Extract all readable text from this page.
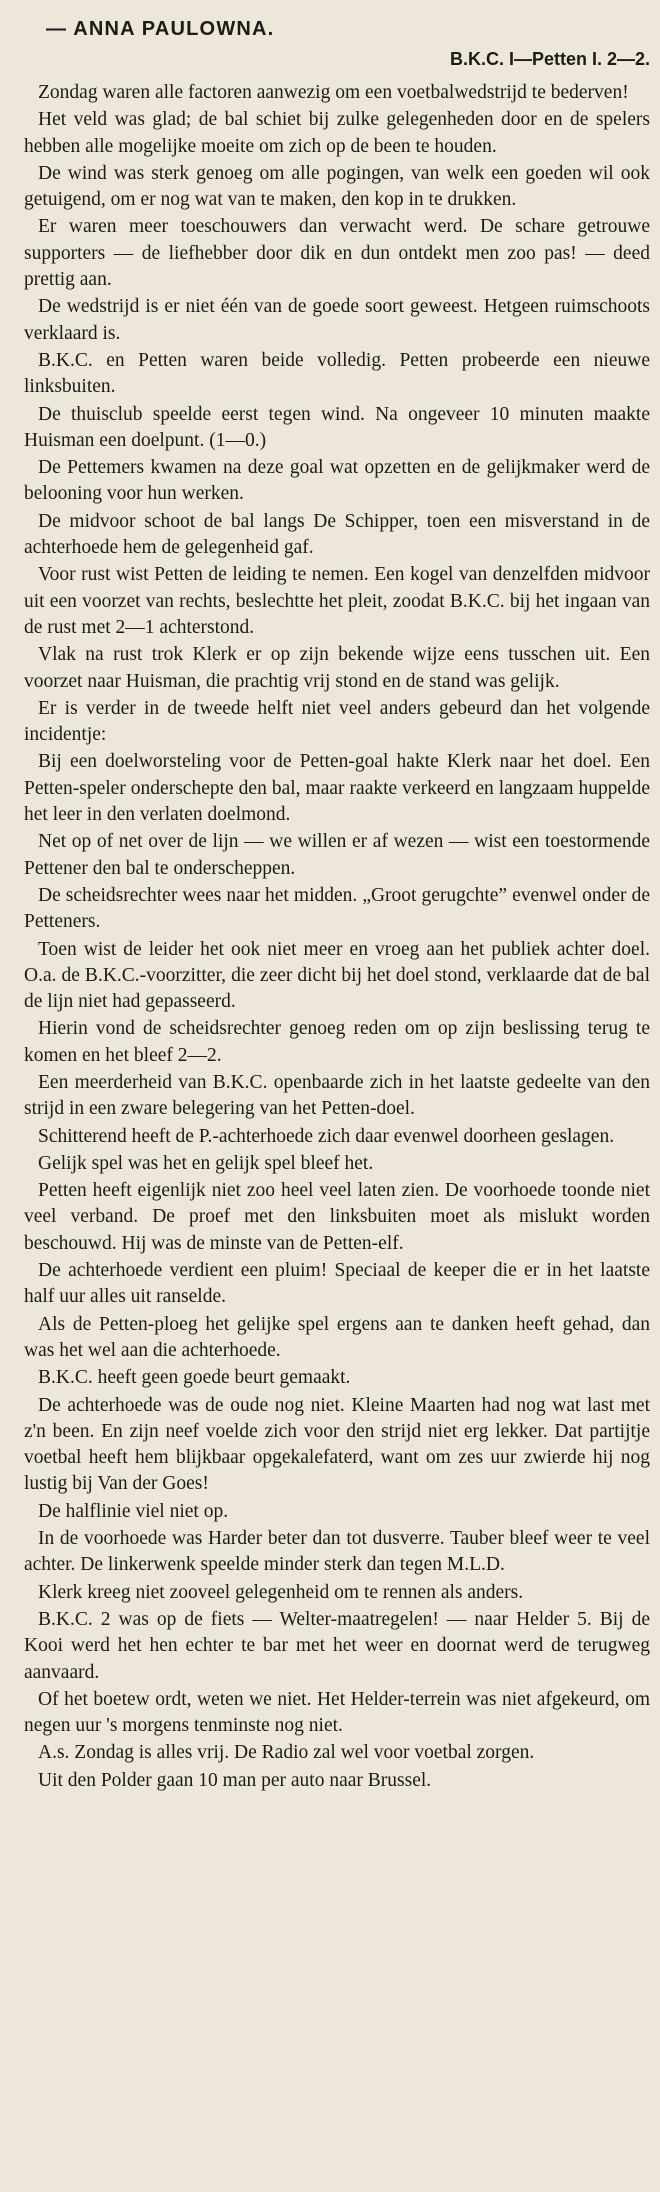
— ANNA PAULOWNA.
B.K.C. I—Petten I. 2—2.

Zondag waren alle factoren aanwezig om een voetbalwedstrijd te bederven!

Het veld was glad; de bal schiet bij zulke gelegenheden door en de spelers hebben alle mogelijke moeite om zich op de been te houden.

De wind was sterk genoeg om alle pogingen, van welk een goeden wil ook getuigend, om er nog wat van te maken, den kop in te drukken.

Er waren meer toeschouwers dan verwacht werd. De schare getrouwe supporters — de liefhebber door dik en dun ontdekt men zoo pas! — deed prettig aan.

De wedstrijd is er niet één van de goede soort geweest. Hetgeen ruimschoots verklaard is.

B.K.C. en Petten waren beide volledig. Petten probeerde een nieuwe linksbuiten.

De thuisclub speelde eerst tegen wind. Na ongeveer 10 minuten maakte Huisman een doelpunt. (1—0.)

De Pettemers kwamen na deze goal wat opzetten en de gelijkmaker werd de belooning voor hun werken.

De midvoor schoot de bal langs De Schipper, toen een misverstand in de achterhoede hem de gelegenheid gaf.

Voor rust wist Petten de leiding te nemen. Een kogel van denzelfden midvoor uit een voorzet van rechts, beslechtte het pleit, zoodat B.K.C. bij het ingaan van de rust met 2—1 achterstond.

Vlak na rust trok Klerk er op zijn bekende wijze eens tusschen uit. Een voorzet naar Huisman, die prachtig vrij stond en de stand was gelijk.

Er is verder in de tweede helft niet veel anders gebeurd dan het volgende incidentje:

Bij een doelworsteling voor de Petten-goal hakte Klerk naar het doel. Een Petten-speler onderschepte den bal, maar raakte verkeerd en langzaam huppelde het leer in den verlaten doelmond.

Net op of net over de lijn — we willen er af wezen — wist een toestormende Pettener den bal te onderscheppen.

De scheidsrechter wees naar het midden. „Groot gerugchte” evenwel onder de Petteners.

Toen wist de leider het ook niet meer en vroeg aan het publiek achter doel. O.a. de B.K.C.-voorzitter, die zeer dicht bij het doel stond, verklaarde dat de bal de lijn niet had gepasseerd.

Hierin vond de scheidsrechter genoeg reden om op zijn beslissing terug te komen en het bleef 2—2.

Een meerderheid van B.K.C. openbaarde zich in het laatste gedeelte van den strijd in een zware belegering van het Petten-doel.

Schitterend heeft de P.-achterhoede zich daar evenwel doorheen geslagen.

Gelijk spel was het en gelijk spel bleef het.

Petten heeft eigenlijk niet zoo heel veel laten zien. De voorhoede toonde niet veel verband. De proef met den linksbuiten moet als mislukt worden beschouwd. Hij was de minste van de Petten-elf.

De achterhoede verdient een pluim! Speciaal de keeper die er in het laatste half uur alles uit ranselde.

Als de Petten-ploeg het gelijke spel ergens aan te danken heeft gehad, dan was het wel aan die achterhoede.

B.K.C. heeft geen goede beurt gemaakt.

De achterhoede was de oude nog niet. Kleine Maarten had nog wat last met z'n been. En zijn neef voelde zich voor den strijd niet erg lekker. Dat partijtje voetbal heeft hem blijkbaar opgekalefaterd, want om zes uur zwierde hij nog lustig bij Van der Goes!

De halflinie viel niet op.

In de voorhoede was Harder beter dan tot dusverre. Tauber bleef weer te veel achter. De linkerwenk speelde minder sterk dan tegen M.L.D.

Klerk kreeg niet zooveel gelegenheid om te rennen als anders.

B.K.C. 2 was op de fiets — Welter-maatregelen! — naar Helder 5. Bij de Kooi werd het hen echter te bar met het weer en doornat werd de terugweg aanvaard.

Of het boetew ordt, weten we niet. Het Helder-terrein was niet afgekeurd, om negen uur 's morgens tenminste nog niet.

A.s. Zondag is alles vrij. De Radio zal wel voor voetbal zorgen.

Uit den Polder gaan 10 man per auto naar Brussel.
